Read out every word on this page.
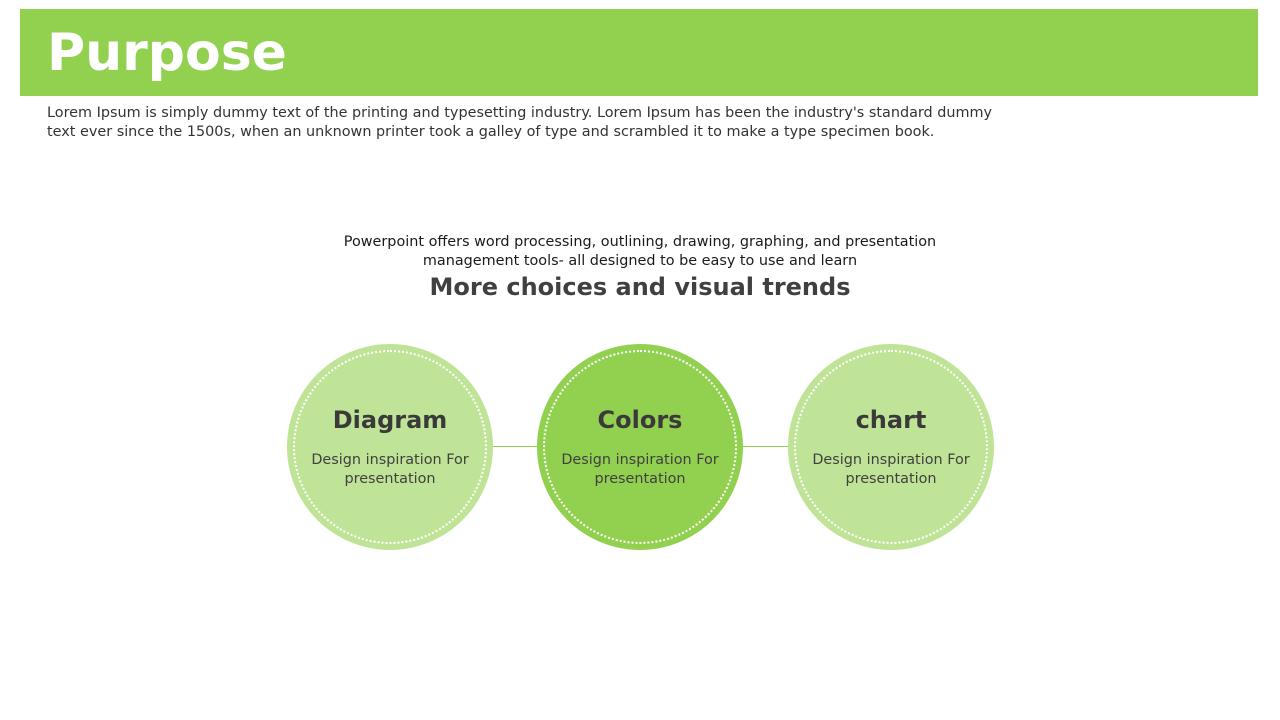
Purpose

Lorem Ipsum is simply dummy text of the printing and typesetting industry. Lorem Ipsum has been the industry's standard dummy text ever since the 1500s, when an unknown printer took a galley of type and scrambled it to make a type specimen book.

Powerpoint offers word processing, outlining, drawing, graphing, and presentation management tools- all designed to be easy to use and learn

More choices and visual trends
Diagram
Design inspiration For presentation
Colors
Design inspiration For presentation
chart
Design inspiration For presentation
